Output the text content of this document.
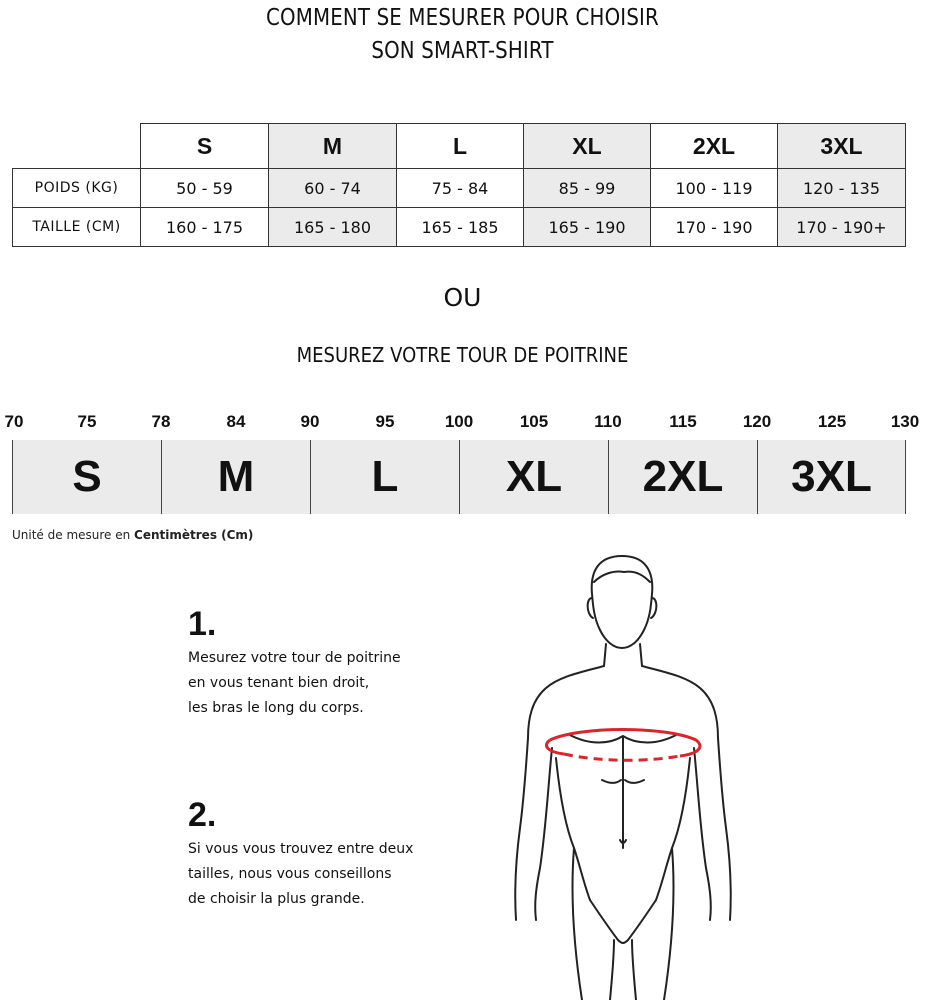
COMMENT SE MESURER POUR CHOISIR
SON SMART-SHIRT
	S	M	L	XL	2XL	3XL
POIDS (KG)	50 - 59	60 - 74	75 - 84	85 - 99	100 - 119	120 - 135
TAILLE (CM)	160 - 175	165 - 180	165 - 185	165 - 190	170 - 190	170 - 190+
OU
MESUREZ VOTRE TOUR DE POITRINE
70	75	78	84	90	95	100	105	110	115	120	125	130
S	M	L	XL	2XL	3XL
Unité de mesure en Centimètres (Cm)
1.
Mesurez votre tour de poitrine
en vous tenant bien droit,
les bras le long du corps.
2.
Si vous vous trouvez entre deux
tailles, nous vous conseillons
de choisir la plus grande.
